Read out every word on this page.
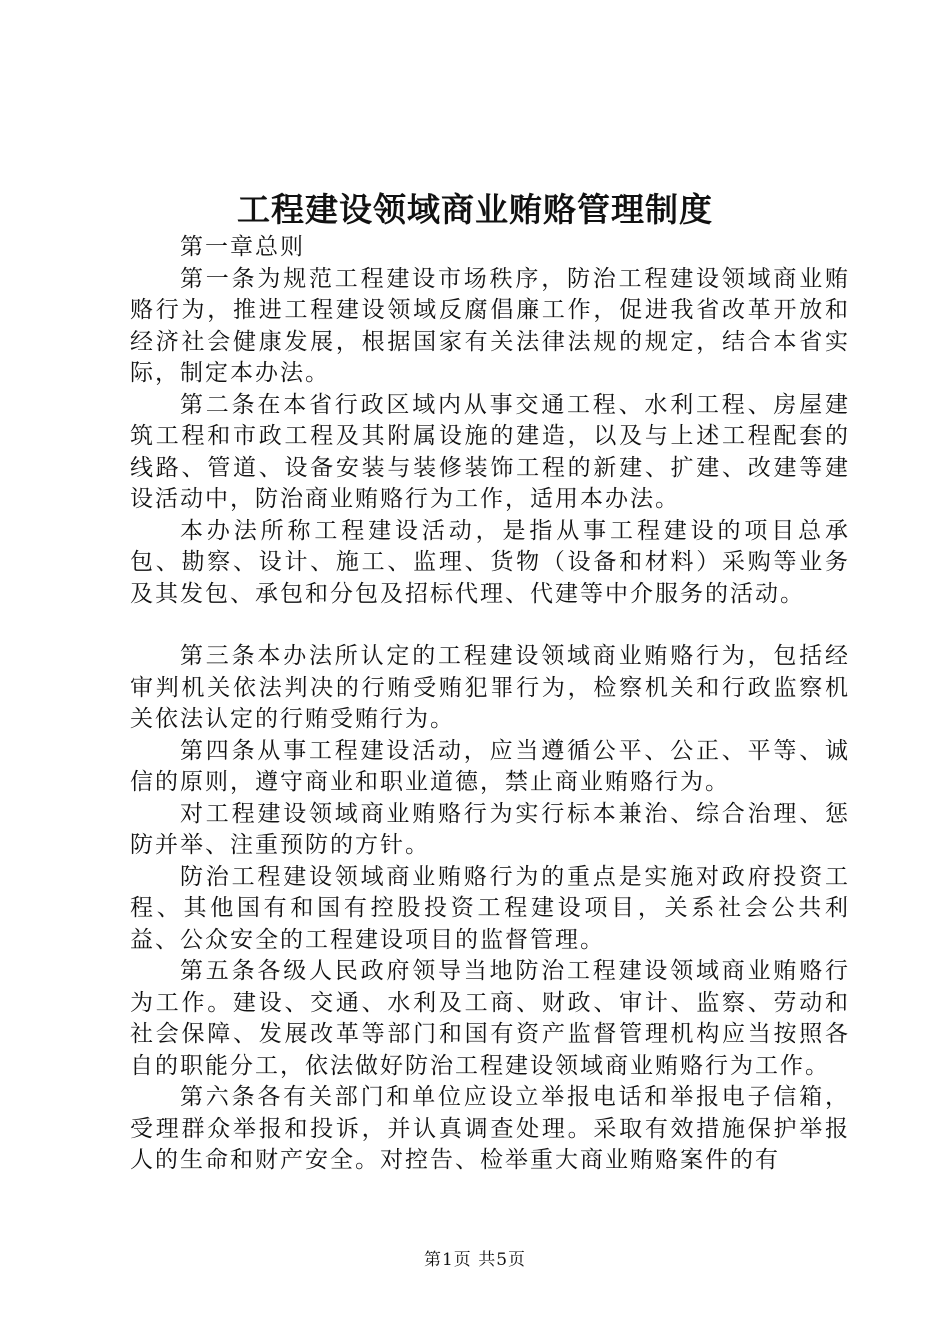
工程建设领域商业贿赂管理制度

第一章总则

第一条为规范工程建设市场秩序，防治工程建设领域商业贿赂行为，推进工程建设领域反腐倡廉工作，促进我省改革开放和经济社会健康发展，根据国家有关法律法规的规定，结合本省实际，制定本办法。

第二条在本省行政区域内从事交通工程、水利工程、房屋建筑工程和市政工程及其附属设施的建造，以及与上述工程配套的线路、管道、设备安装与装修装饰工程的新建、扩建、改建等建设活动中，防治商业贿赂行为工作，适用本办法。

本办法所称工程建设活动，是指从事工程建设的项目总承包、勘察、设计、施工、监理、货物（设备和材料）采购等业务及其发包、承包和分包及招标代理、代建等中介服务的活动。

第三条本办法所认定的工程建设领域商业贿赂行为，包括经审判机关依法判决的行贿受贿犯罪行为，检察机关和行政监察机关依法认定的行贿受贿行为。

第四条从事工程建设活动，应当遵循公平、公正、平等、诚信的原则，遵守商业和职业道德，禁止商业贿赂行为。

对工程建设领域商业贿赂行为实行标本兼治、综合治理、惩防并举、注重预防的方针。

防治工程建设领域商业贿赂行为的重点是实施对政府投资工程、其他国有和国有控股投资工程建设项目，关系社会公共利益、公众安全的工程建设项目的监督管理。

第五条各级人民政府领导当地防治工程建设领域商业贿赂行为工作。建设、交通、水利及工商、财政、审计、监察、劳动和社会保障、发展改革等部门和国有资产监督管理机构应当按照各自的职能分工，依法做好防治工程建设领域商业贿赂行为工作。

第六条各有关部门和单位应设立举报电话和举报电子信箱，受理群众举报和投诉，并认真调查处理。采取有效措施保护举报人的生命和财产安全。对控告、检举重大商业贿赂案件的有

第1页 共5页
